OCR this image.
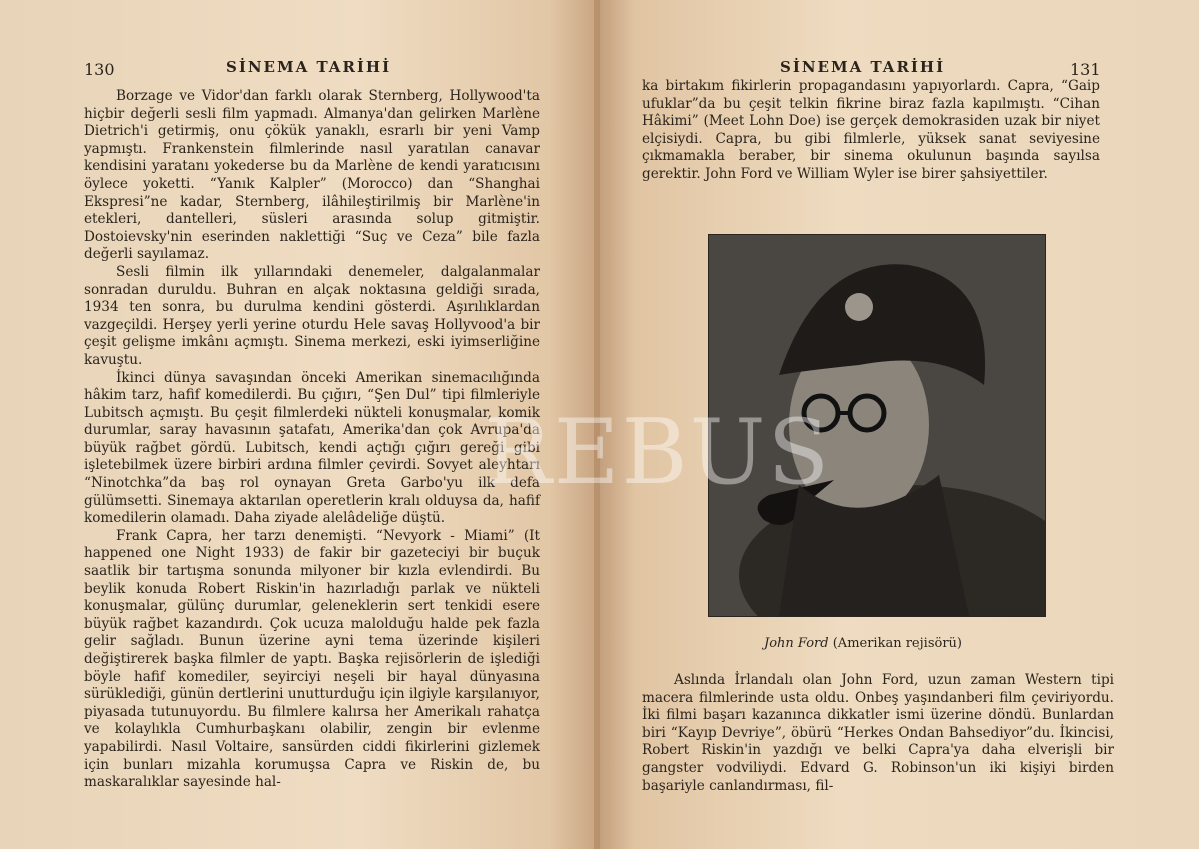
130	SİNEMA TARİHİ

Borzage ve Vidor'dan farklı olarak Sternberg, Hollywood'ta hiçbir değerli sesli film yapmadı. Almanya'dan gelirken Marlène Dietrich'i getirmiş, onu çökük yanaklı, esrarlı bir yeni Vamp yapmıştı. Frankenstein filmlerinde nasıl yaratılan canavar kendisini yaratanı yokederse bu da Marlène de kendi yaratıcısını öylece yoketti. “Yanık Kalpler” (Morocco) dan “Shanghai Ekspresi”ne kadar, Sternberg, ilâhileştirilmiş bir Marlène'in etekleri, dantelleri, süsleri arasında solup gitmiştir. Dostoievsky'nin eserinden naklettiği “Suç ve Ceza” bile fazla değerli sayılamaz.

Sesli filmin ilk yıllarındaki denemeler, dalgalanmalar sonradan duruldu. Buhran en alçak noktasına geldiği sırada, 1934 ten sonra, bu durulma kendini gösterdi. Aşırılıklardan vazgeçildi. Herşey yerli yerine oturdu Hele savaş Hollyvood'a bir çeşit gelişme imkânı açmıştı. Sinema merkezi, eski iyimserliğine kavuştu.

İkinci dünya savaşından önceki Amerikan sinemacılığında hâkim tarz, hafif komedilerdi. Bu çığırı, “Şen Dul” tipi filmleriyle Lubitsch açmıştı. Bu çeşit filmlerdeki nükteli konuşmalar, komik durumlar, saray havasının şatafatı, Amerika'dan çok Avrupa'da büyük rağbet gördü. Lubitsch, kendi açtığı çığırı gereği gibi işletebilmek üzere birbiri ardına filmler çevirdi. Sovyet aleyhtarı “Ninotchka”da baş rol oynayan Greta Garbo'yu ilk defa gülümsetti. Sinemaya aktarılan operetlerin kralı olduysa da, hafif komedilerin olamadı. Daha ziyade alelâdeliğe düştü.

Frank Capra, her tarzı denemişti. “Nevyork - Miami” (It happened one Night 1933) de fakir bir gazeteciyi bir buçuk saatlik bir tartışma sonunda milyoner bir kızla evlendirdi. Bu beylik konuda Robert Riskin'in hazırladığı parlak ve nükteli konuşmalar, gülünç durumlar, geleneklerin sert tenkidi esere büyük rağbet kazandırdı. Çok ucuza malolduğu halde pek fazla gelir sağladı. Bunun üzerine ayni tema üzerinde kişileri değiştirerek başka filmler de yaptı. Başka rejisörlerin de işlediği böyle hafif komediler, seyirciyi neşeli bir hayal dünyasına sürüklediği, günün dertlerini unutturduğu için ilgiyle karşılanıyor, piyasada tutunuyordu. Bu filmlere kalırsa her Amerikalı rahatça ve kolaylıkla Cumhurbaşkanı olabilir, zengin bir evlenme yapabilirdi. Nasıl Voltaire, sansürden ciddi fikirlerini gizlemek için bunları mizahla korumuşsa Capra ve Riskin de, bu maskaralıklar sayesinde hal-

SİNEMA TARİHİ	131

ka birtakım fikirlerin propagandasını yapıyorlardı. Capra, “Gaip ufuklar”da bu çeşit telkin fikrine biraz fazla kapılmıştı. “Cihan Hâkimi” (Meet Lohn Doe) ise gerçek demokrasiden uzak bir niyet elçisiydi. Capra, bu gibi filmlerle, yüksek sanat seviyesine çıkmamakla beraber, bir sinema okulunun başında sayılsa gerektir. John Ford ve William Wyler ise birer şahsiyettiler.

John Ford (Amerikan rejisörü)

Aslında İrlandalı olan John Ford, uzun zaman Western tipi macera filmlerinde usta oldu. Onbeş yaşındanberi film çeviriyordu. İki filmi başarı kazanınca dikkatler ismi üzerine döndü. Bunlardan biri “Kayıp Devriye”, öbürü “Herkes Ondan Bahsediyor”du. İkincisi, Robert Riskin'in yazdığı ve belki Capra'ya daha elverişli bir gangster vodviliydi. Edvard G. Robinson'un iki kişiyi birden başariyle canlandırması, fil-

REBUS
